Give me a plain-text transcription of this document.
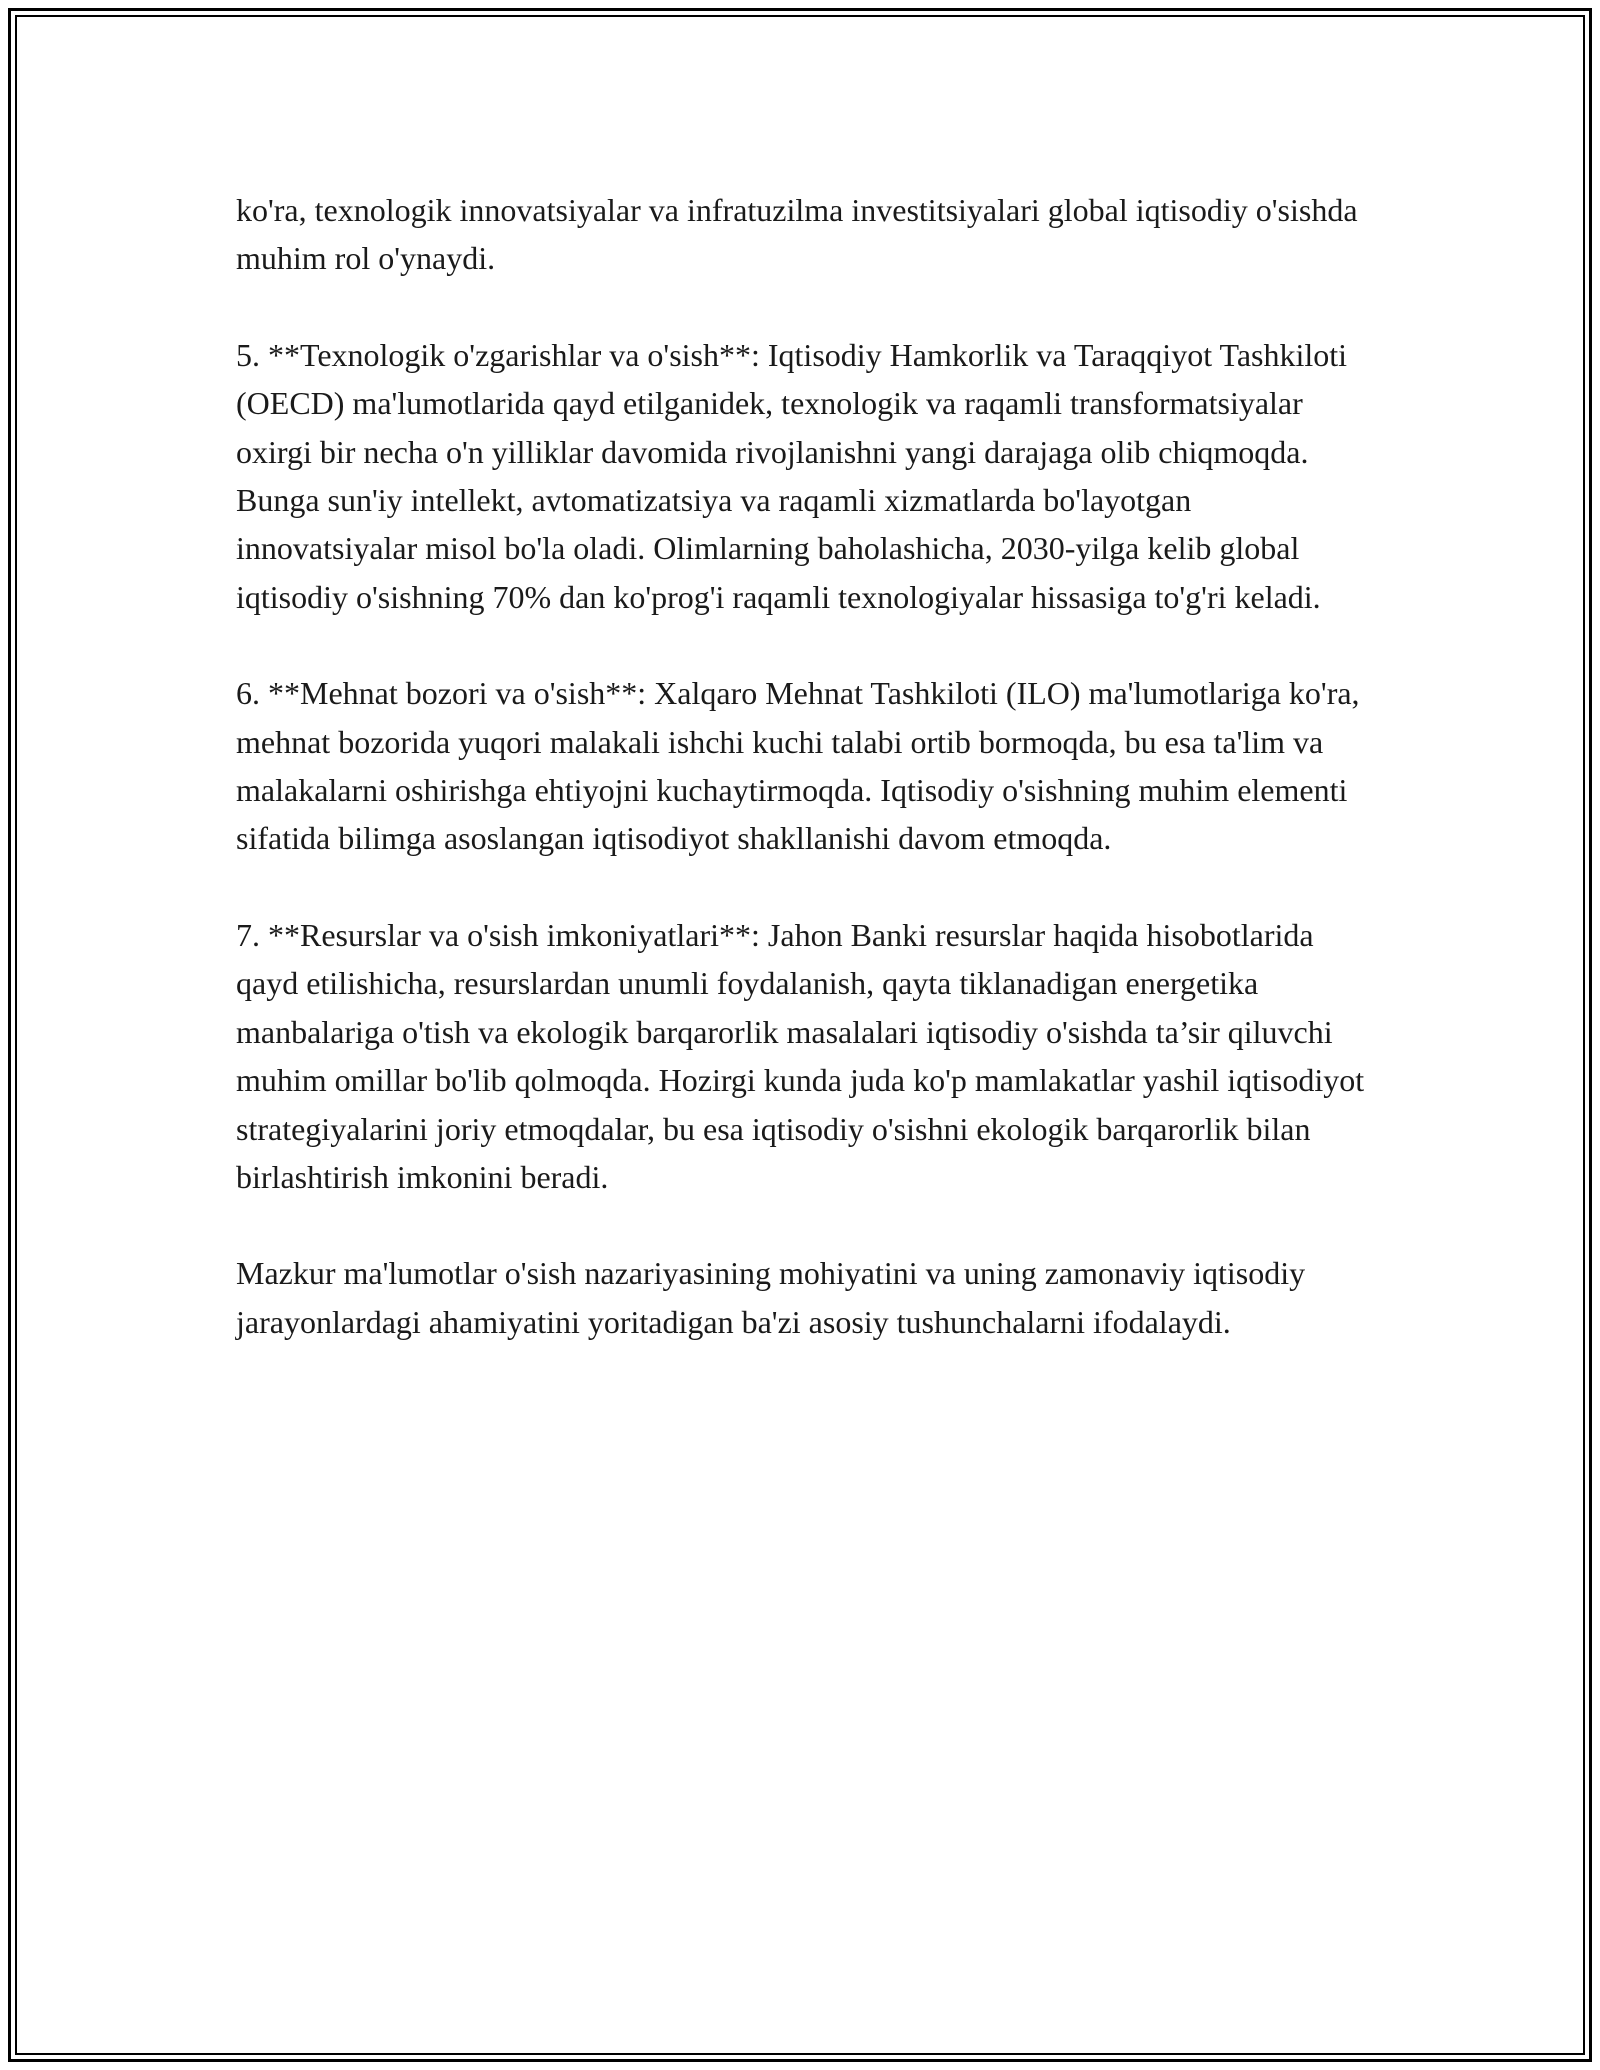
ko'ra, texnologik innovatsiyalar va infratuzilma investitsiyalari global iqtisodiy o'sishda muhim rol o'ynaydi.

5. **Texnologik o'zgarishlar va o'sish**: Iqtisodiy Hamkorlik va Taraqqiyot Tashkiloti (OECD) ma'lumotlarida qayd etilganidek, texnologik va raqamli transformatsiyalar oxirgi bir necha o'n yilliklar davomida rivojlanishni yangi darajaga olib chiqmoqda. Bunga sun'iy intellekt, avtomatizatsiya va raqamli xizmatlarda bo'layotgan innovatsiyalar misol bo'la oladi. Olimlarning baholashicha, 2030-yilga kelib global iqtisodiy o'sishning 70% dan ko'prog'i raqamli texnologiyalar hissasiga to'g'ri keladi.

6. **Mehnat bozori va o'sish**: Xalqaro Mehnat Tashkiloti (ILO) ma'lumotlariga ko'ra, mehnat bozorida yuqori malakali ishchi kuchi talabi ortib bormoqda, bu esa ta'lim va malakalarni oshirishga ehtiyojni kuchaytirmoqda. Iqtisodiy o'sishning muhim elementi sifatida bilimga asoslangan iqtisodiyot shakllanishi davom etmoqda.

7. **Resurslar va o'sish imkoniyatlari**: Jahon Banki resurslar haqida hisobotlarida qayd etilishicha, resurslardan unumli foydalanish, qayta tiklanadigan energetika manbalariga o'tish va ekologik barqarorlik masalalari iqtisodiy o'sishda ta’sir qiluvchi muhim omillar bo'lib qolmoqda. Hozirgi kunda juda ko'p mamlakatlar yashil iqtisodiyot strategiyalarini joriy etmoqdalar, bu esa iqtisodiy o'sishni ekologik barqarorlik bilan birlashtirish imkonini beradi.

Mazkur ma'lumotlar o'sish nazariyasining mohiyatini va uning zamonaviy iqtisodiy jarayonlardagi ahamiyatini yoritadigan ba'zi asosiy tushunchalarni ifodalaydi.
